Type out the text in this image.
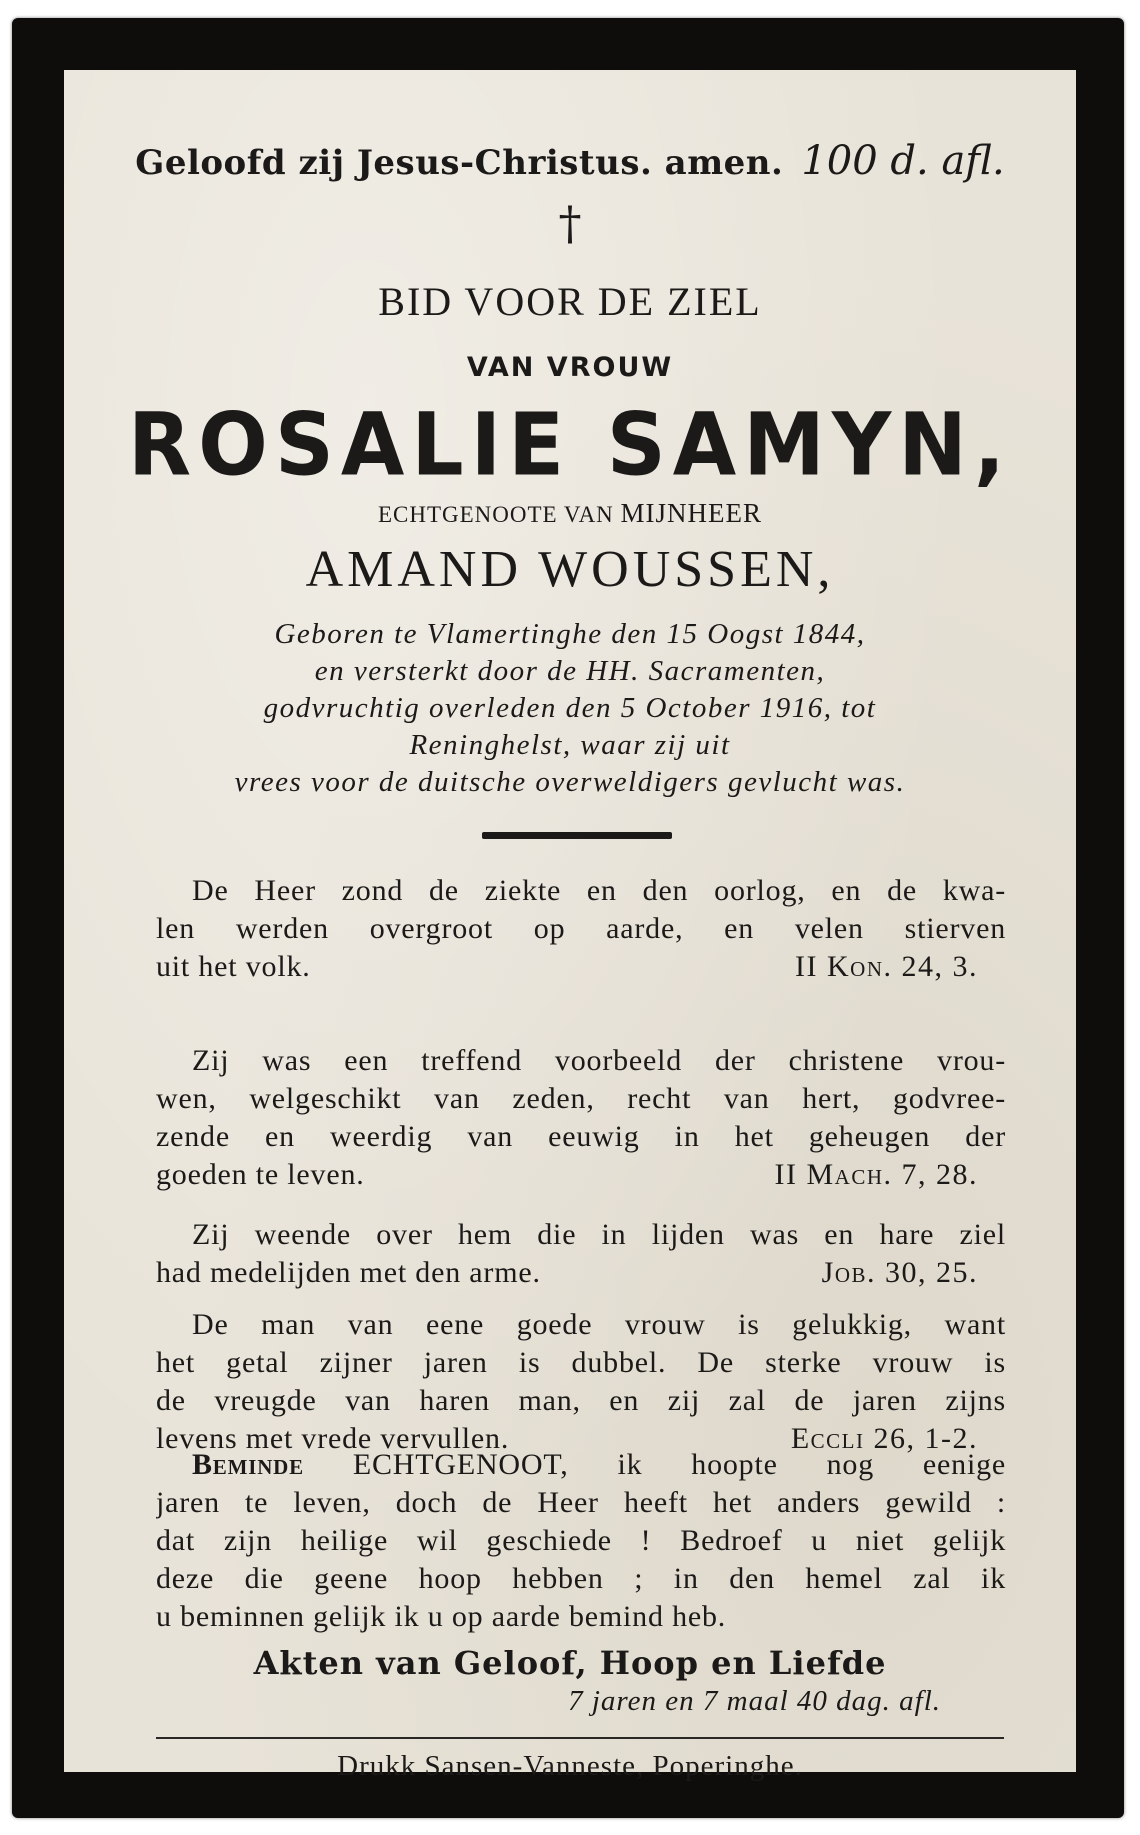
Geloofd zij Jesus-Christus. amen. 100 d. afl.
†
BID VOOR DE ZIEL
VAN VROUW
ROSALIE SAMYN,
ECHTGENOOTE VAN MIJNHEER
AMAND WOUSSEN,
Geboren te Vlamertinghe den 15 Oogst 1844,
en versterkt door de HH. Sacramenten,
godvruchtig overleden den 5 October 1916, tot
Reninghelst, waar zij uit
vrees voor de duitsche overweldigers gevlucht was.
De Heer zond de ziekte en den oorlog, en de kwa-
len werden overgroot op aarde, en velen stierven
uit het volk.	II Kon. 24, 3.
Zij was een treffend voorbeeld der christene vrou-
wen, welgeschikt van zeden, recht van hert, godvree-
zende en weerdig van eeuwig in het geheugen der
goeden te leven.	II Mach. 7, 28.
Zij weende over hem die in lijden was en hare ziel
had medelijden met den arme.	Job. 30, 25.
De man van eene goede vrouw is gelukkig, want
het getal zijner jaren is dubbel. De sterke vrouw is
de vreugde van haren man, en zij zal de jaren zijns
levens met vrede vervullen.	Eccli 26, 1-2.
Beminde ECHTGENOOT, ik hoopte nog eenige
jaren te leven, doch de Heer heeft het anders gewild :
dat zijn heilige wil geschiede ! Bedroef u niet gelijk
deze die geene hoop hebben ; in den hemel zal ik
u beminnen gelijk ik u op aarde bemind heb.
Akten van Geloof, Hoop en Liefde
7 jaren en 7 maal 40 dag. afl.
Drukk Sansen-Vanneste, Poperinghe.
